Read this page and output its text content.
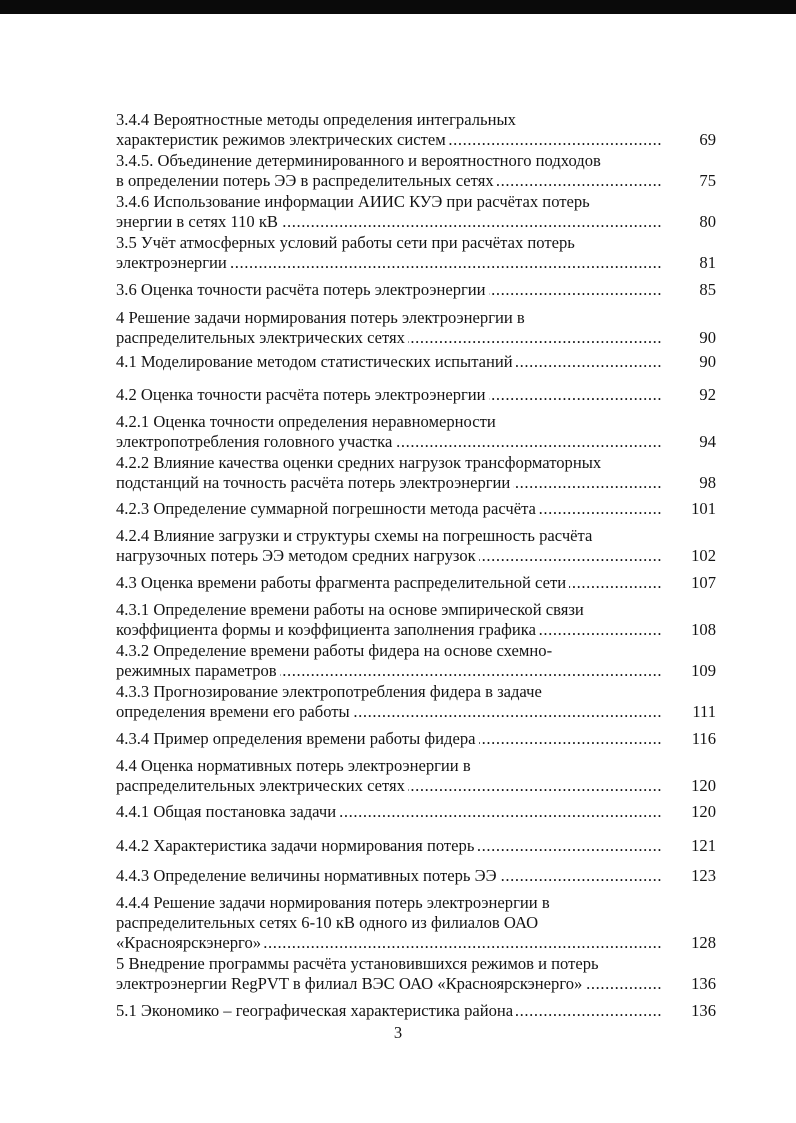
3.4.4 Вероятностные методы определения интегральных
.....
характеристик режимов электрических систем	69
3.4.5. Объединение детерминированного и вероятностного подходов
.....
в определении потерь ЭЭ в распределительных сетях	75
3.4.6 Использование информации АИИС КУЭ при расчётах потерь
.....
энергии в сетях 110 кВ	80
3.5 Учёт атмосферных условий работы сети при расчётах потерь
.....
электроэнергии	81
.....
3.6 Оценка точности расчёта потерь электроэнергии	85
4 Решение задачи нормирования потерь электроэнергии в
.....
распределительных электрических сетях	90
.....
4.1 Моделирование методом статистических испытаний	90
.....
4.2 Оценка точности расчёта потерь электроэнергии	92
4.2.1 Оценка точности определения неравномерности
.....
электропотребления головного участка	94
4.2.2 Влияние качества оценки средних нагрузок трансформаторных
.....
подстанций на точность расчёта потерь электроэнергии	98
.....
4.2.3 Определение суммарной погрешности метода расчёта	101
4.2.4 Влияние загрузки и структуры схемы на погрешность расчёта
.....
нагрузочных потерь ЭЭ методом средних нагрузок	102
.....
4.3 Оценка времени работы фрагмента распределительной сети	107
4.3.1 Определение времени работы на основе эмпирической связи
.....
коэффициента формы и коэффициента заполнения графика	108
4.3.2 Определение времени работы фидера на основе схемно-
.....
режимных параметров	109
4.3.3 Прогнозирование электропотребления фидера в задаче
.....
определения времени его работы	111
.....
4.3.4 Пример определения времени работы фидера	116
4.4 Оценка нормативных потерь электроэнергии в
.....
распределительных электрических сетях	120
.....
4.4.1 Общая постановка задачи	120
.....
4.4.2 Характеристика задачи нормирования потерь	121
.....
4.4.3 Определение величины нормативных потерь ЭЭ	123
4.4.4 Решение задачи нормирования потерь электроэнергии в
распределительных сетях 6-10 кВ одного из филиалов ОАО
.....
«Красноярскэнерго»	128
5 Внедрение программы расчёта установившихся режимов и потерь
.....
электроэнергии RegPVT в филиал ВЭС ОАО «Красноярскэнерго»	136
.....
5.1 Экономико – географическая характеристика района	136
3
